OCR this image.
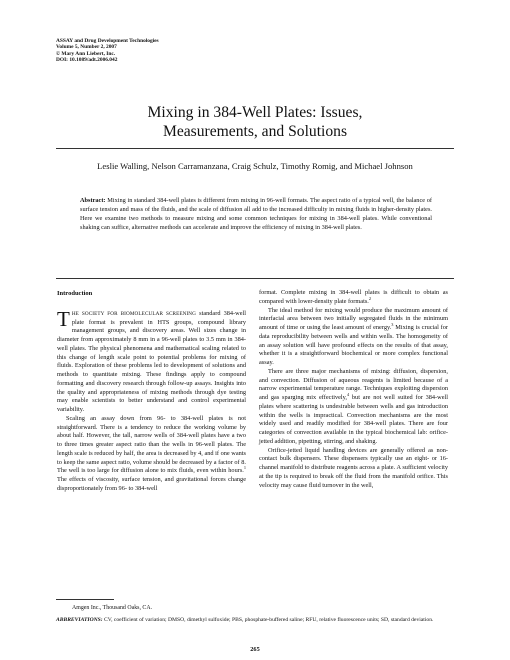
ASSAY and Drug Development Technologies
Volume 5, Number 2, 2007
© Mary Ann Liebert, Inc.
DOI: 10.1089/adt.2006.042
Mixing in 384-Well Plates: Issues,
Measurements, and Solutions
Leslie Walling, Nelson Carramanzana, Craig Schulz, Timothy Romig, and Michael Johnson
Abstract: Mixing in standard 384-well plates is different from mixing in 96-well formats. The aspect ratio of a typical well, the balance of surface tension and mass of the fluids, and the scale of diffusion all add to the increased difficulty in mixing fluids in higher-density plates. Here we examine two methods to measure mixing and some common techniques for mixing in 384-well plates. While conventional shaking can suffice, alternative methods can accelerate and improve the efficiency of mixing in 384-well plates.
Introduction

THE SOCIETY FOR BIOMOLECULAR SCREENING standard 384-well plate format is prevalent in HTS groups, compound library management groups, and discovery areas. Well sizes change in diameter from approximately 8 mm in a 96-well plates to 3.5 mm in 384-well plates. The physical phenomena and mathematical scaling related to this change of length scale point to potential problems for mixing of fluids. Exploration of these problems led to development of solutions and methods to quantitate mixing. These findings apply to compound formatting and discovery research through follow-up assays. Insights into the quality and appropriateness of mixing methods through dye testing may enable scientists to better understand and control experimental variability.

Scaling an assay down from 96- to 384-well plates is not straightforward. There is a tendency to reduce the working volume by about half. However, the tall, narrow wells of 384-well plates have a two to three times greater aspect ratio than the wells in 96-well plates. The length scale is reduced by half, the area is decreased by 4, and if one wants to keep the same aspect ratio, volume should be decreased by a factor of 8. The well is too large for diffusion alone to mix fluids, even within hours.$^1$ The effects of viscosity, surface tension, and gravitational forces change disproportionately from 96- to 384-well

format. Complete mixing in 384-well plates is difficult to obtain as compared with lower-density plate formats.$^2$

The ideal method for mixing would produce the maximum amount of interfacial area between two initially segregated fluids in the minimum amount of time or using the least amount of energy.$^3$ Mixing is crucial for data reproducibility between wells and within wells. The homogeneity of an assay solution will have profound effects on the results of that assay, whether it is a straightforward biochemical or more complex functional assay.

There are three major mechanisms of mixing: diffusion, dispersion, and convection. Diffusion of aqueous reagents is limited because of a narrow experimental temperature range. Techniques exploiting dispersion and gas sparging mix effectively,$^4$ but are not well suited for 384-well plates where scattering is undesirable between wells and gas introduction within the wells is impractical. Convection mechanisms are the most widely used and readily modified for 384-well plates. There are four categories of convection available in the typical biochemical lab: orifice-jetted addition, pipetting, stirring, and shaking.

Orifice-jetted liquid handling devices are generally offered as non-contact bulk dispensers. These dispensers typically use an eight- or 16-channel manifold to distribute reagents across a plate. A sufficient velocity at the tip is required to break off the fluid from the manifold orifice. This velocity may cause fluid turnover in the well,

Amgen Inc., Thousand Oaks, CA.
ABBREVIATIONS: CV, coefficient of variation; DMSO, dimethyl sulfoxide; PBS, phosphate-buffered saline; RFU, relative fluorescence units; SD, standard deviation.
265
